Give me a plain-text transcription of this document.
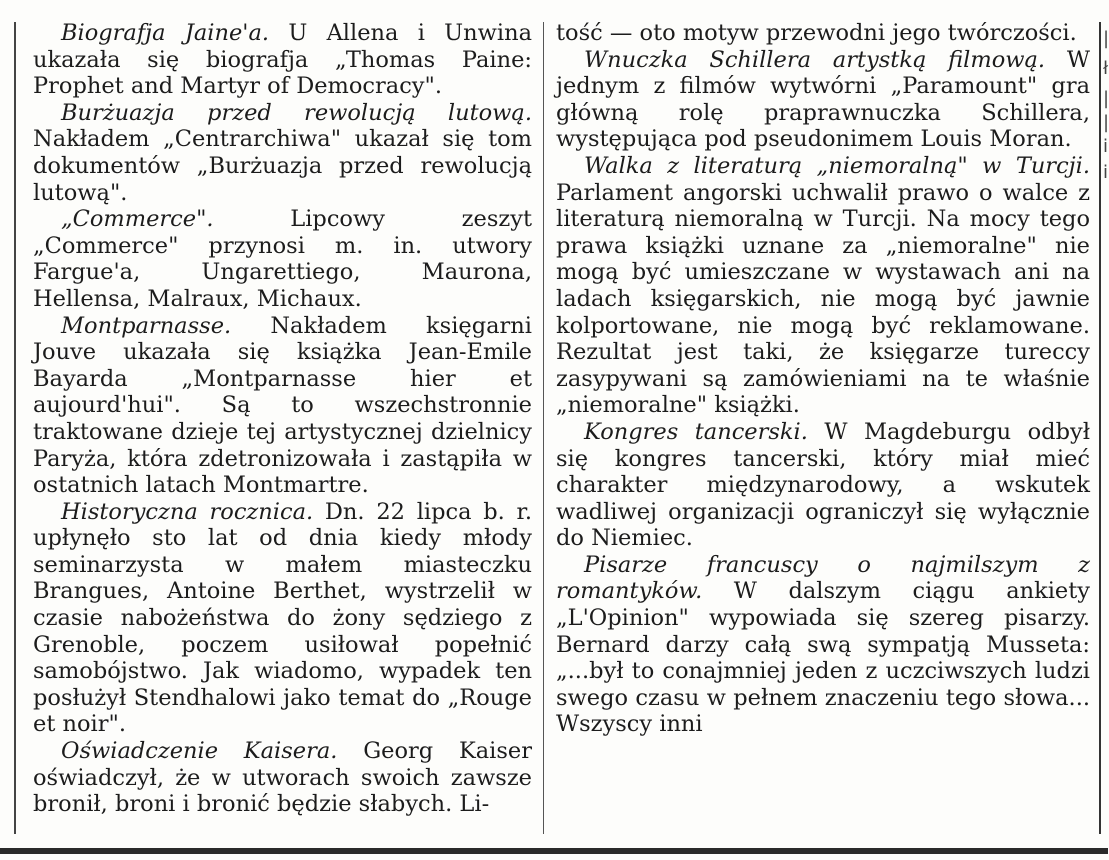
Biografja Jaine'a. U Allena i Unwina ukazała się biografja „Thomas Paine: Prophet and Martyr of Democracy".

Burżuazja przed rewolucją lutową. Nakładem „Centrarchiwa" ukazał się tom dokumentów „Burżuazja przed rewolucją lutową".

„Commerce". Lipcowy zeszyt „Commerce" przynosi m. in. utwory Fargue'a, Ungarettiego, Maurona, Hellensa, Malraux, Michaux.

Montparnasse. Nakładem księgarni Jouve ukazała się książka Jean-Emile Bayarda „Montparnasse hier et aujourd'hui". Są to wszechstronnie traktowane dzieje tej artystycznej dzielnicy Paryża, która zdetronizowała i zastąpiła w ostatnich latach Montmartre.

Historyczna rocznica. Dn. 22 lipca b. r. upłynęło sto lat od dnia kiedy młody seminarzysta w małem miasteczku Brangues, Antoine Berthet, wystrzelił w czasie nabożeństwa do żony sędziego z Grenoble, poczem usiłował popełnić samobójstwo. Jak wiadomo, wypadek ten posłużył Stendhalowi jako temat do „Rouge et noir".

Oświadczenie Kaisera. Georg Kaiser oświadczył, że w utworach swoich zawsze bronił, broni i bronić będzie słabych. Li-

tość — oto motyw przewodni jego twórczości.

Wnuczka Schillera artystką filmową. W jednym z filmów wytwórni „Paramount" gra główną rolę praprawnuczka Schillera, występująca pod pseudonimem Louis Moran.

Walka z literaturą „niemoralną" w Turcji. Parlament angorski uchwalił prawo o walce z literaturą niemoralną w Turcji. Na mocy tego prawa książki uznane za „niemoralne" nie mogą być umieszczane w wystawach ani na ladach księgarskich, nie mogą być jawnie kolportowane, nie mogą być reklamowane. Rezultat jest taki, że księgarze tureccy zasypywani są zamówieniami na te właśnie „niemoralne" książki.

Kongres tancerski. W Magdeburgu odbył się kongres tancerski, który miał mieć charakter międzynarodowy, a wskutek wadliwej organizacji ograniczył się wyłącznie do Niemiec.

Pisarze francuscy o najmilszym z romantyków. W dalszym ciągu ankiety „L'Opinion" wypowiada się szereg pisarzy. Bernard darzy całą swą sympatją Musseta: „...był to conajmniej jeden z uczciwszych ludzi swego czasu w pełnem znaczeniu tego słowa... Wszyscy inni

|
ł
|
|
i
i
